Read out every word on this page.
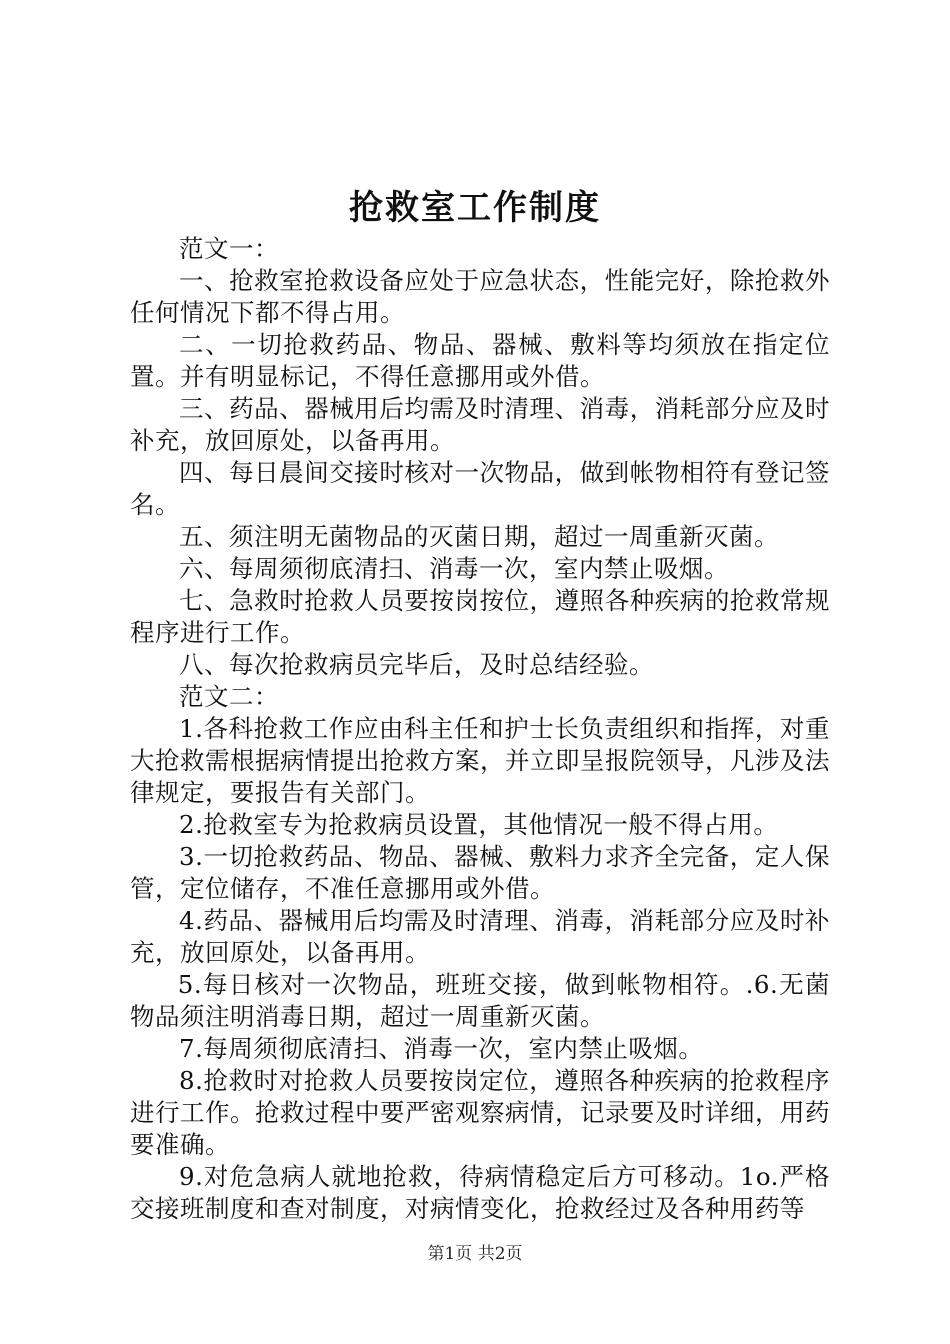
抢救室工作制度

范文一：

一、抢救室抢救设备应处于应急状态，性能完好，除抢救外任何情况下都不得占用。

二、一切抢救药品、物品、器械、敷料等均须放在指定位置。并有明显标记，不得任意挪用或外借。

三、药品、器械用后均需及时清理、消毒，消耗部分应及时补充，放回原处，以备再用。

四、每日晨间交接时核对一次物品，做到帐物相符有登记签名。

五、须注明无菌物品的灭菌日期，超过一周重新灭菌。

六、每周须彻底清扫、消毒一次，室内禁止吸烟。

七、急救时抢救人员要按岗按位，遵照各种疾病的抢救常规程序进行工作。

八、每次抢救病员完毕后，及时总结经验。

范文二：

1.各科抢救工作应由科主任和护士长负责组织和指挥，对重大抢救需根据病情提出抢救方案，并立即呈报院领导，凡涉及法律规定，要报告有关部门。

2.抢救室专为抢救病员设置，其他情况一般不得占用。

3.一切抢救药品、物品、器械、敷料力求齐全完备，定人保管，定位储存，不准任意挪用或外借。

4.药品、器械用后均需及时清理、消毒，消耗部分应及时补充，放回原处，以备再用。

5.每日核对一次物品，班班交接，做到帐物相符。.6.无菌物品须注明消毒日期，超过一周重新灭菌。

7.每周须彻底清扫、消毒一次，室内禁止吸烟。

8.抢救时对抢救人员要按岗定位，遵照各种疾病的抢救程序进行工作。抢救过程中要严密观察病情，记录要及时详细，用药要准确。

9.对危急病人就地抢救，待病情稳定后方可移动。1o.严格交接班制度和查对制度，对病情变化，抢救经过及各种用药等

第1页 共2页
